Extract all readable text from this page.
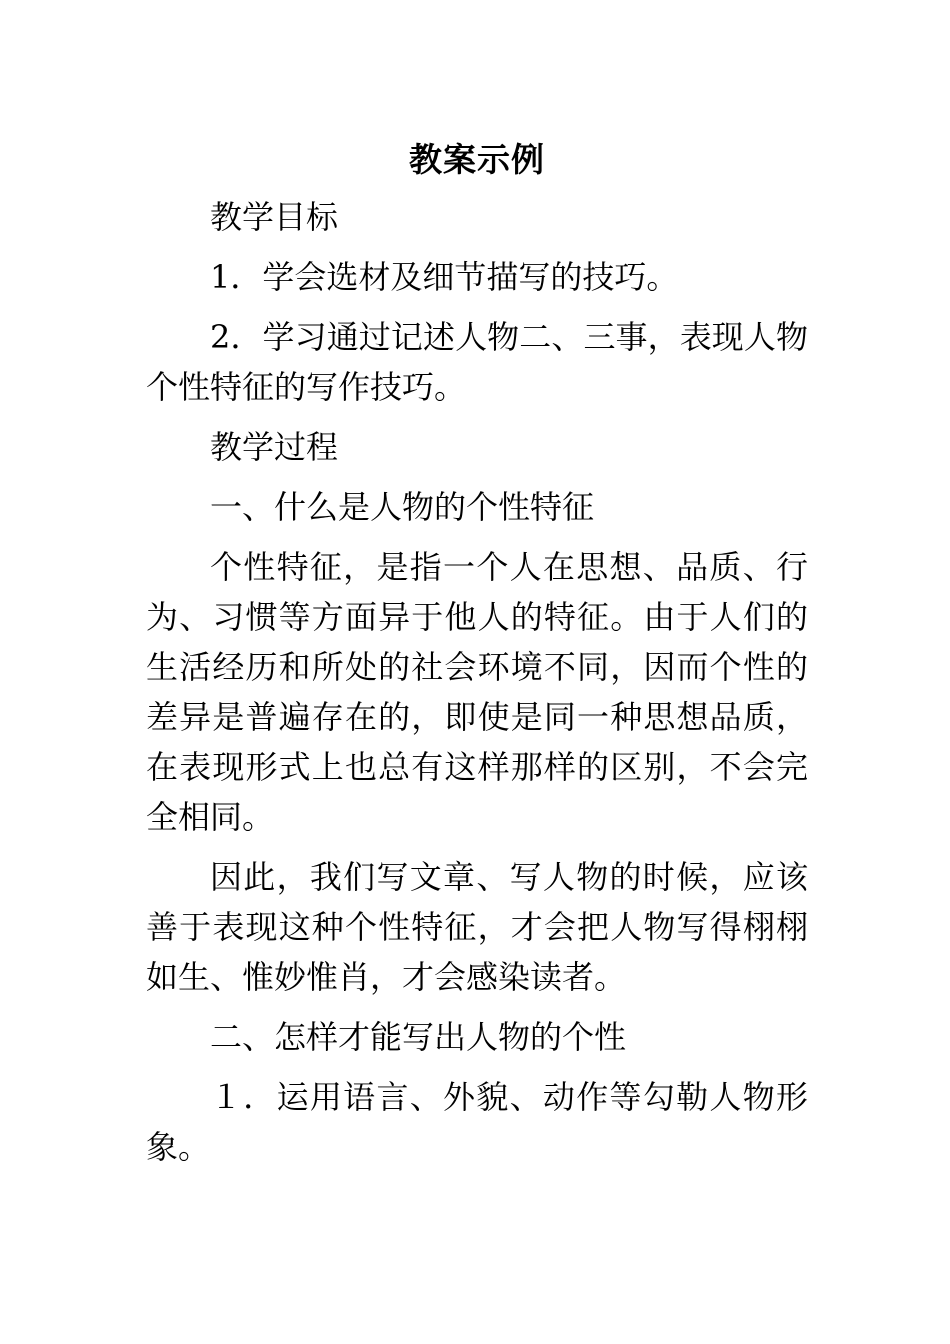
教案示例

教学目标

1．学会选材及细节描写的技巧。

2．学习通过记述人物二、三事，表现人物个性特征的写作技巧。

教学过程

一、什么是人物的个性特征

个性特征，是指一个人在思想、品质、行为、习惯等方面异于他人的特征。由于人们的生活经历和所处的社会环境不同，因而个性的差异是普遍存在的，即使是同一种思想品质，在表现形式上也总有这样那样的区别，不会完全相同。

因此，我们写文章、写人物的时候，应该善于表现这种个性特征，才会把人物写得栩栩如生、惟妙惟肖，才会感染读者。

二、怎样才能写出人物的个性

１．运用语言、外貌、动作等勾勒人物形象。
